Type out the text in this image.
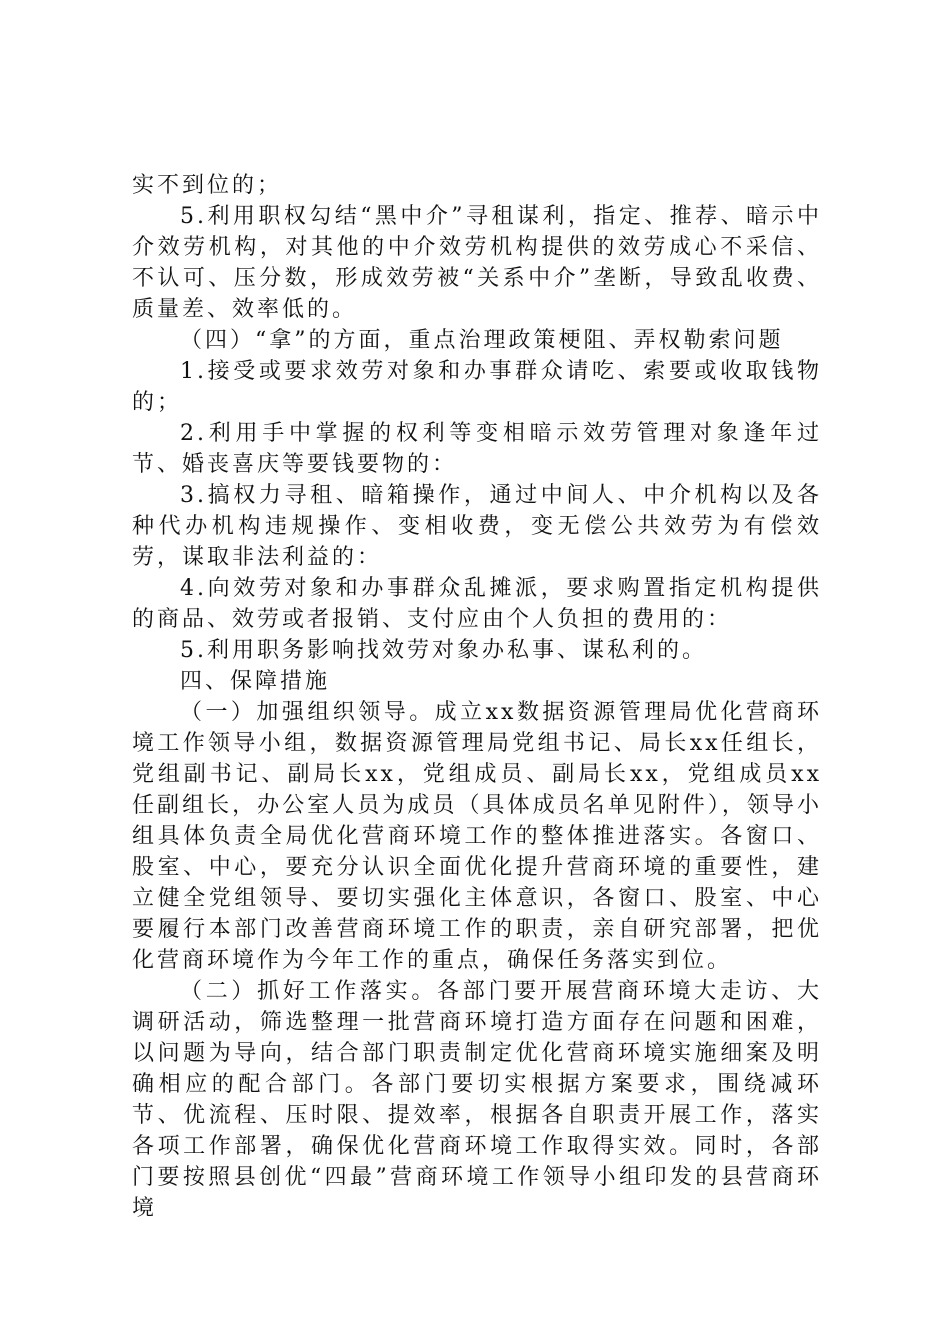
实不到位的；

5.利用职权勾结“黑中介”寻租谋利，指定、推荐、暗示中介效劳机构，对其他的中介效劳机构提供的效劳成心不采信、不认可、压分数，形成效劳被“关系中介”垄断，导致乱收费、质量差、效率低的。

（四）“拿”的方面，重点治理政策梗阻、弄权勒索问题

1.接受或要求效劳对象和办事群众请吃、索要或收取钱物的；

2.利用手中掌握的权利等变相暗示效劳管理对象逢年过节、婚丧喜庆等要钱要物的：

3.搞权力寻租、暗箱操作，通过中间人、中介机构以及各种代办机构违规操作、变相收费，变无偿公共效劳为有偿效劳，谋取非法利益的：

4.向效劳对象和办事群众乱摊派，要求购置指定机构提供的商品、效劳或者报销、支付应由个人负担的费用的：

5.利用职务影响找效劳对象办私事、谋私利的。

四、保障措施

（一）加强组织领导。成立xx数据资源管理局优化营商环境工作领导小组，数据资源管理局党组书记、局长xx任组长，党组副书记、副局长xx，党组成员、副局长xx，党组成员xx任副组长，办公室人员为成员（具体成员名单见附件），领导小组具体负责全局优化营商环境工作的整体推进落实。各窗口、股室、中心，要充分认识全面优化提升营商环境的重要性，建立健全党组领导、要切实强化主体意识，各窗口、股室、中心要履行本部门改善营商环境工作的职责，亲自研究部署，把优化营商环境作为今年工作的重点，确保任务落实到位。

（二）抓好工作落实。各部门要开展营商环境大走访、大调研活动，筛选整理一批营商环境打造方面存在问题和困难，以问题为导向，结合部门职责制定优化营商环境实施细案及明确相应的配合部门。各部门要切实根据方案要求，围绕减环节、优流程、压时限、提效率，根据各自职责开展工作，落实各项工作部署，确保优化营商环境工作取得实效。同时，各部门要按照县创优“四最”营商环境工作领导小组印发的县营商环境
